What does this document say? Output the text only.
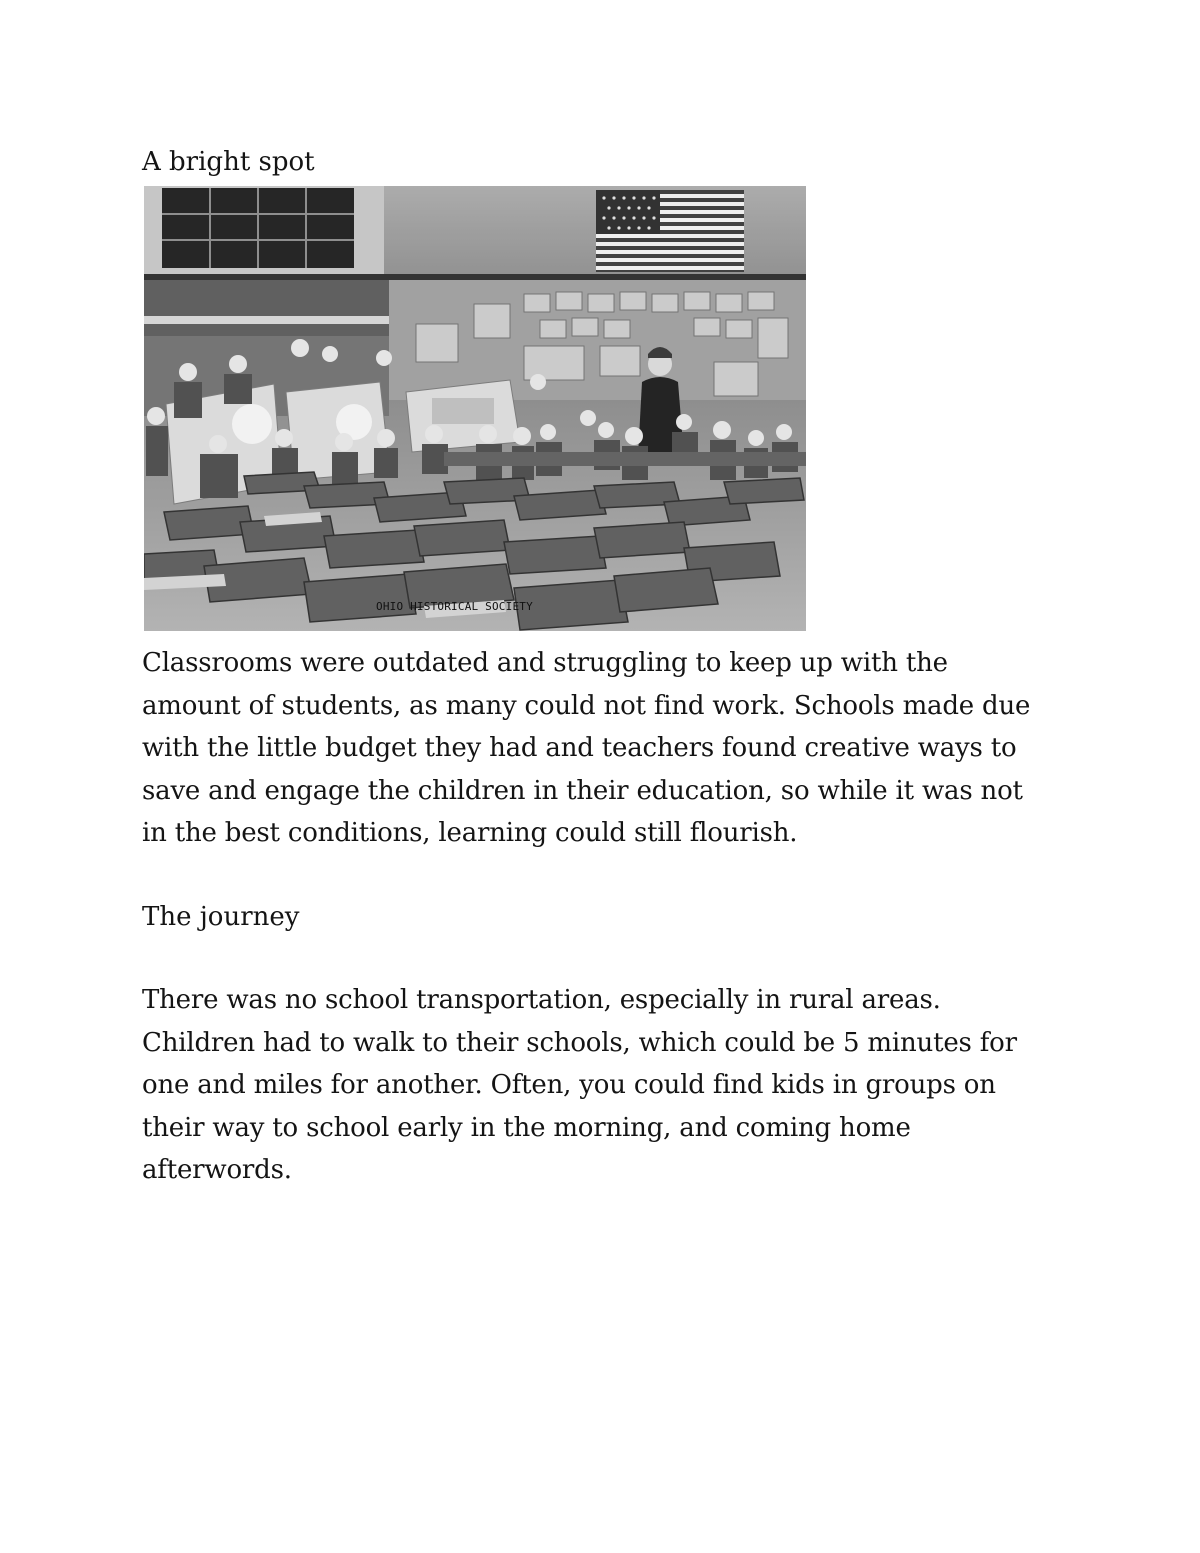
A bright spot
OHIO HISTORICAL SOCIETY
Classrooms were outdated and struggling to keep up with the
amount of students, as many could not find work. Schools made due
with the little budget they had and teachers found creative ways to
save and engage the children in their education, so while it was not
in the best conditions, learning could still flourish.
The journey
There was no school transportation, especially in rural areas.
Children had to walk to their schools, which could be 5 minutes for
one and miles for another. Often, you could find kids in groups on
their way to school early in the morning, and coming home
afterwords.
